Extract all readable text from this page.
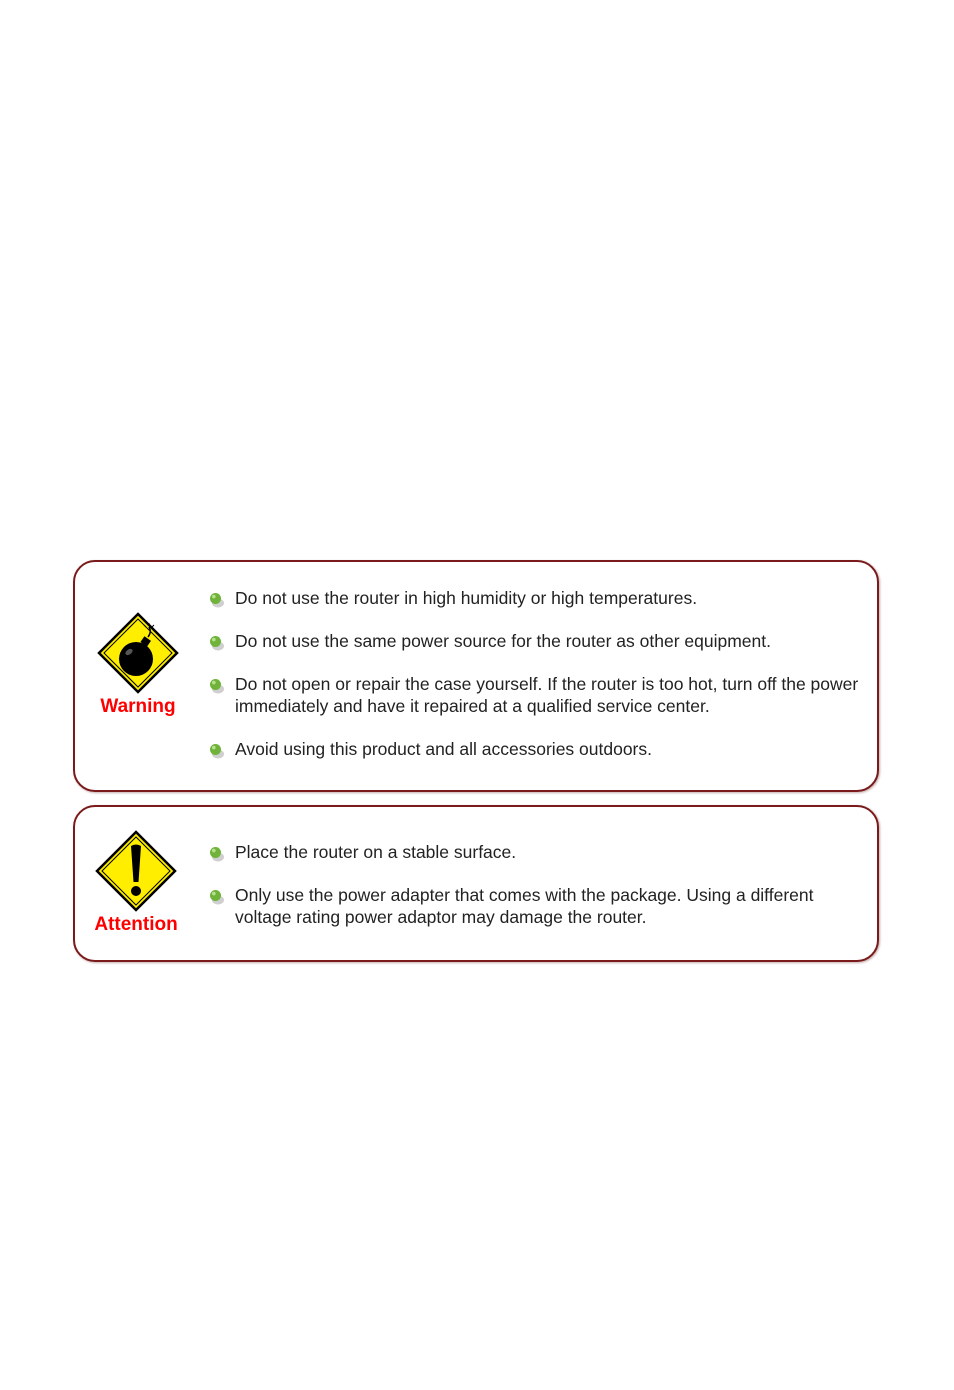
Warning
Do not use the router in high humidity or high temperatures.
Do not use the same power source for the router as other equipment.
Do not open or repair the case yourself. If the router is too hot, turn off the power immediately and have it repaired at a qualified service center.
Avoid using this product and all accessories outdoors.
Attention
Place the router on a stable surface.
Only use the power adapter that comes with the package. Using a different voltage rating power adaptor may damage the router.
